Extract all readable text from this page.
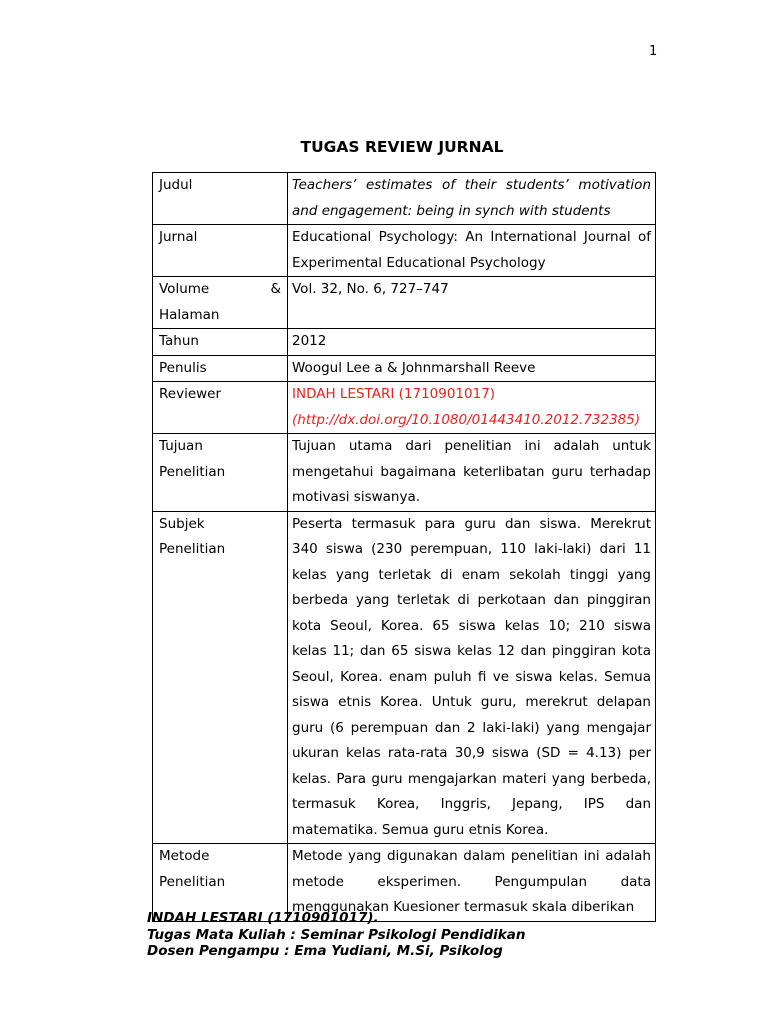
1
TUGAS REVIEW JURNAL
Judul	Teachers’ estimates of their students’ motivation and engagement: being in synch with students
Jurnal	Educational Psychology: An International Journal of Experimental Educational Psychology

Volume &
Halaman	Vol. 32, No. 6, 727–747
Tahun	2012
Penulis	Woogul Lee a & Johnmarshall Reeve
Reviewer	INDAH LESTARI (1710901017)
(http://dx.doi.org/10.1080/01443410.2012.732385)

Tujuan
Penelitian	Tujuan utama dari penelitian ini adalah untuk mengetahui bagaimana keterlibatan guru terhadap motivasi siswanya.

Subjek
Penelitian	Peserta termasuk para guru dan siswa. Merekrut 340 siswa (230 perempuan, 110 laki-laki) dari 11 kelas yang terletak di enam sekolah tinggi yang berbeda yang terletak di perkotaan dan pinggiran kota Seoul, Korea. 65 siswa kelas 10; 210 siswa kelas 11; dan 65 siswa kelas 12 dan pinggiran kota Seoul, Korea. enam puluh fi ve siswa kelas. Semua siswa etnis Korea. Untuk guru, merekrut delapan guru (6 perempuan dan 2 laki-laki) yang mengajar ukuran kelas rata-rata 30,9 siswa (SD = 4.13) per kelas. Para guru mengajarkan materi yang berbeda, termasuk Korea, Inggris, Jepang, IPS dan matematika. Semua guru etnis Korea.

Metode
Penelitian	Metode yang digunakan dalam penelitian ini adalah metode eksperimen. Pengumpulan data menggunakan Kuesioner termasuk skala diberikan
INDAH LESTARI (1710901017).
Tugas Mata Kuliah : Seminar Psikologi Pendidikan
Dosen Pengampu : Ema Yudiani, M.Si, Psikolog
